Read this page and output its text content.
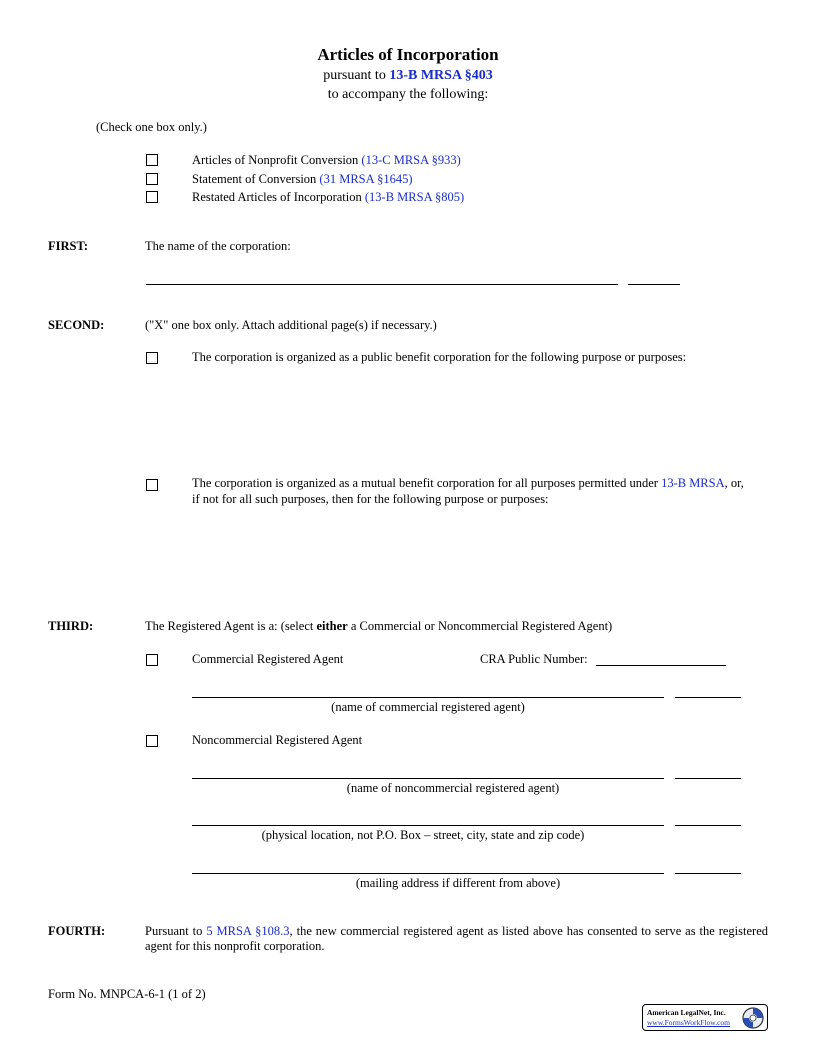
Articles of Incorporation
pursuant to 13-B MRSA §403
to accompany the following:
(Check one box only.)
Articles of Nonprofit Conversion (13-C MRSA §933)
Statement of Conversion (31 MRSA §1645)
Restated Articles of Incorporation (13-B MRSA §805)
FIRST:	The name of the corporation:
SECOND:	("X" one box only. Attach additional page(s) if necessary.)
The corporation is organized as a public benefit corporation for the following purpose or purposes:
The corporation is organized as a mutual benefit corporation for all purposes permitted under 13-B MRSA, or,
if not for all such purposes, then for the following purpose or purposes:
THIRD:	The Registered Agent is a: (select either a Commercial or Noncommercial Registered Agent)
Commercial Registered Agent	CRA Public Number:
(name of commercial registered agent)
Noncommercial Registered Agent
(name of noncommercial registered agent)
(physical location, not P.O. Box – street, city, state and zip code)
(mailing address if different from above)
FOURTH:	Pursuant to 5 MRSA §108.3, the new commercial registered agent as listed above has consented to serve as the registered agent for this nonprofit corporation.
Form No. MNPCA-6-1 (1 of 2)
American LegalNet, Inc.
www.FormsWorkFlow.com
